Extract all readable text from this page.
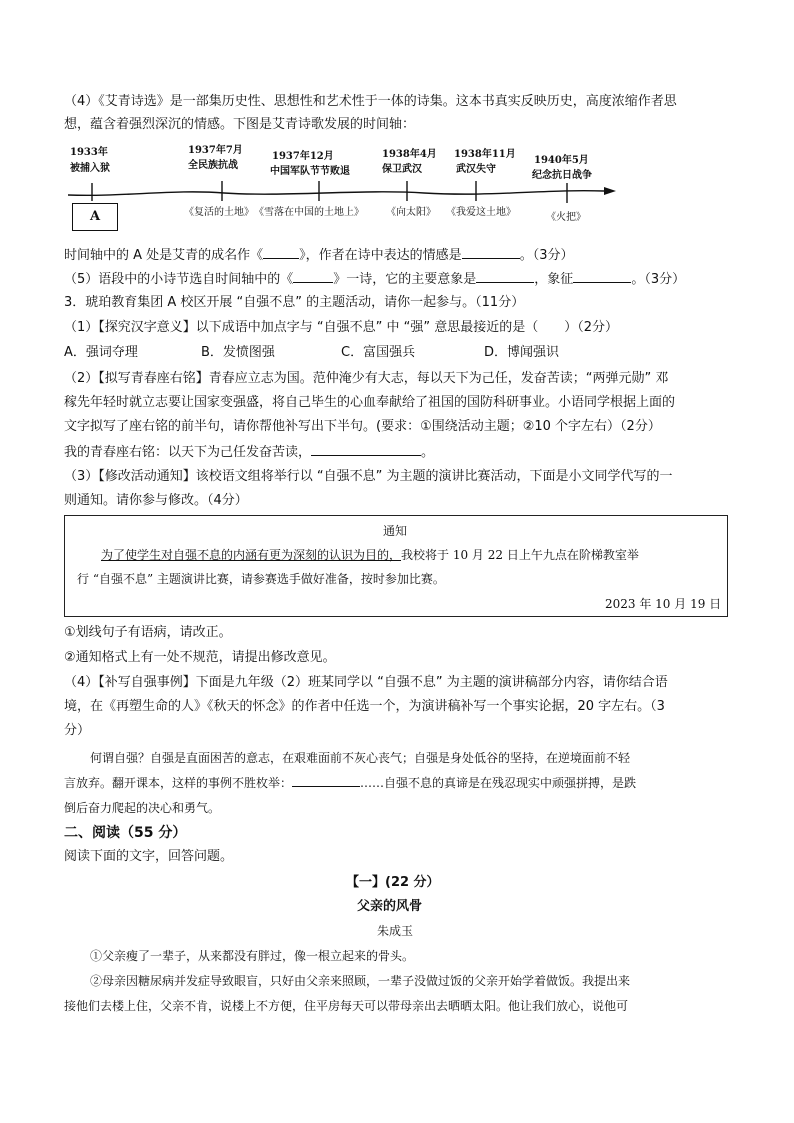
（4）《艾青诗选》是一部集历史性、思想性和艺术性于一体的诗集。这本书真实反映历史，高度浓缩作者思
想，蕴含着强烈深沉的情感。下图是艾青诗歌发展的时间轴：
A
1933年
被捕入狱
1937年7月
全民族抗战
《复活的土地》
1937年12月
中国军队节节败退
《雪落在中国的土地上》
1938年4月
保卫武汉
《向太阳》
1938年11月
武汉失守
《我爱这土地》
1940年5月
纪念抗日战争
《火把》
时间轴中的 A 处是艾青的成名作《	》，作者在诗中表达的情感是	。（3分）
（5）语段中的小诗节选自时间轴中的《	》一诗，它的主要意象是	，象征	。（3分）
3．琥珀教育集团 A 校区开展 “自强不息” 的主题活动，请你一起参与。（11分）
（1）【探究汉字意义】以下成语中加点字与 “自强不息” 中 “强” 意思最接近的是（　　）（2分）
A．强词夺理	B．发愤图强	C．富国强兵	D．博闻强识
（2）【拟写青春座右铭】青春应立志为国。范仲淹少有大志，每以天下为己任，发奋苦读；“两弹元勋” 邓
稼先年轻时就立志要让国家变强盛，将自己毕生的心血奉献给了祖国的国防科研事业。小语同学根据上面的
文字拟写了座右铭的前半句，请你帮他补写出下半句。(要求：①围绕活动主题；②10 个字左右）（2分）
我的青春座右铭：以天下为己任发奋苦读，	。
（3）【修改活动通知】该校语文组将举行以 “自强不息” 为主题的演讲比赛活动，下面是小文同学代写的一
则通知。请你参与修改。（4分）
通知
为了使学生对自强不息的内涵有更为深刻的认识为目的，我校将于 10 月 22 日上午九点在阶梯教室举
行 “自强不息” 主题演讲比赛，请参赛选手做好准备，按时参加比赛。
2023 年 10 月 19 日
①划线句子有语病，请改正。
②通知格式上有一处不规范，请提出修改意见。
（4）【补写自强事例】下面是九年级（2）班某同学以 “自强不息” 为主题的演讲稿部分内容，请你结合语
境，在《再塑生命的人》《秋天的怀念》的作者中任选一个，为演讲稿补写一个事实论据，20 字左右。（3
分）
何谓自强？自强是直面困苦的意志，在艰难面前不灰心丧气；自强是身处低谷的坚持，在逆境面前不轻
言放弃。翻开课本，这样的事例不胜枚举：	……自强不息的真谛是在残忍现实中顽强拼搏，是跌
倒后奋力爬起的决心和勇气。
二、阅读（55 分）
阅读下面的文字，回答问题。
【一】(22 分）
父亲的风骨
朱成玉
①父亲瘦了一辈子，从来都没有胖过，像一根立起来的骨头。
②母亲因糖尿病并发症导致眼盲，只好由父亲来照顾，一辈子没做过饭的父亲开始学着做饭。我提出来
接他们去楼上住，父亲不肯，说楼上不方便，住平房每天可以带母亲出去晒晒太阳。他让我们放心，说他可
